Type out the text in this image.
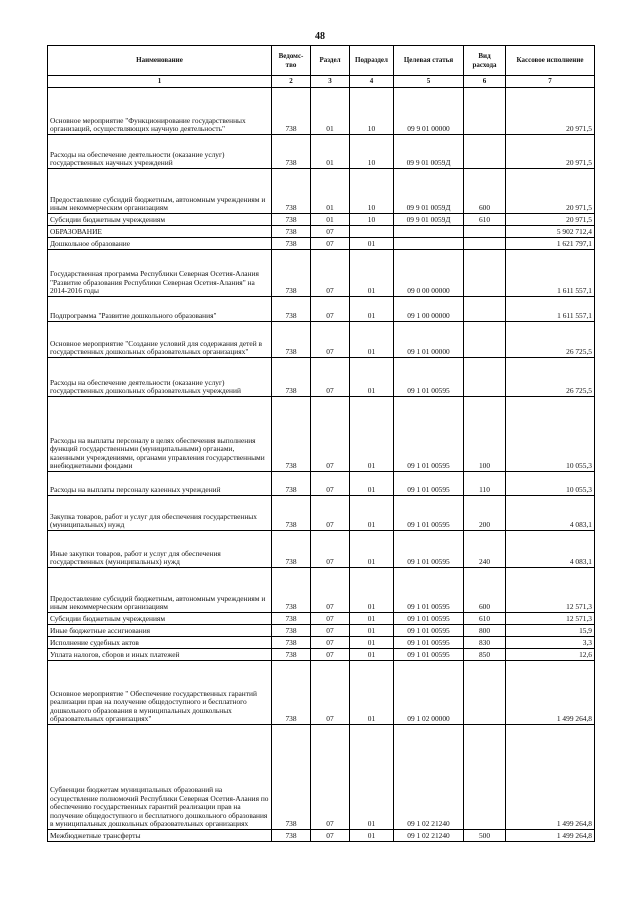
48
Наименование	Ведомс-тво	Раздел	Подраздел	Целевая статья	Вид расхода	Кассовое исполнение
1	2	3	4	5	6	7
Основное мероприятие "Функционирование государственных организаций, осуществляющих научную деятельность"	738	01	10	09 9 01 00000		20 971,5
Расходы на обеспечение деятельности (оказание услуг) государственных научных учреждений	738	01	10	09 9 01 0059Д		20 971,5
Предоставление субсидий бюджетным, автономным учреждениям и иным некоммерческим организациям	738	01	10	09 9 01 0059Д	600	20 971,5
Субсидии бюджетным учреждениям	738	01	10	09 9 01 0059Д	610	20 971,5
ОБРАЗОВАНИЕ	738	07				5 902 712,4
Дошкольное образование	738	07	01			1 621 797,1
Государственная программа Республики Северная Осетия-Алания "Развитие образования Республики Северная Осетия-Алания" на 2014-2016 годы	738	07	01	09 0 00 00000		1 611 557,1
Подпрограмма "Развитие дошкольного образования"	738	07	01	09 1 00 00000		1 611 557,1
Основное мероприятие "Создание условий для содержания детей в государственных дошкольных образовательных организациях"	738	07	01	09 1 01 00000		26 725,5
Расходы на обеспечение деятельности (оказание услуг) государственных дошкольных образовательных учреждений	738	07	01	09 1 01 00595		26 725,5
Расходы на выплаты персоналу в целях обеспечения выполнения функций государственными (муниципальными) органами, казенными учреждениями, органами управления государственными внебюджетными фондами	738	07	01	09 1 01 00595	100	10 055,3
Расходы на выплаты персоналу казенных учреждений	738	07	01	09 1 01 00595	110	10 055,3
Закупка товаров, работ и услуг для обеспечения государственных (муниципальных) нужд	738	07	01	09 1 01 00595	200	4 083,1
Иные закупки товаров, работ и услуг для обеспечения государственных (муниципальных) нужд	738	07	01	09 1 01 00595	240	4 083,1
Предоставление субсидий бюджетным, автономным учреждениям и иным некоммерческим организациям	738	07	01	09 1 01 00595	600	12 571,3
Субсидии бюджетным учреждениям	738	07	01	09 1 01 00595	610	12 571,3
Иные бюджетные ассигнования	738	07	01	09 1 01 00595	800	15,9
Исполнение судебных актов	738	07	01	09 1 01 00595	830	3,3
Уплата налогов, сборов и иных платежей	738	07	01	09 1 01 00595	850	12,6
Основное мероприятие " Обеспечение государственных гарантий реализации прав на получение общедоступного и бесплатного дошкольного образования в муниципальных дошкольных образовательных организациях"	738	07	01	09 1 02 00000		1 499 264,8
Субвенции бюджетам муниципальных образований на осуществление полномочий Республики Северная Осетия-Алания по обеспечению государственных гарантий реализации прав на получение общедоступного и бесплатного дошкольного образования в муниципальных дошкольных образовательных организациях	738	07	01	09 1 02 21240		1 499 264,8
Межбюджетные трансферты	738	07	01	09 1 02 21240	500	1 499 264,8
